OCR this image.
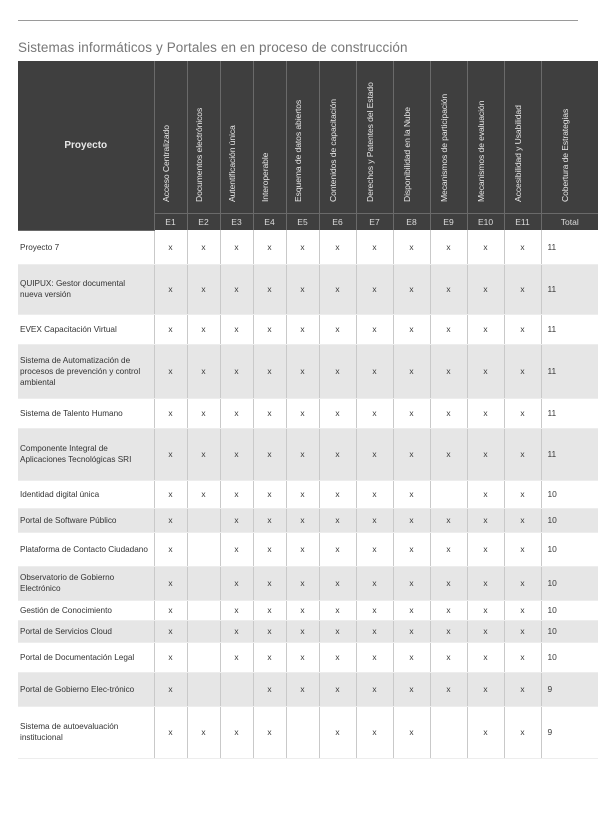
Sistemas informáticos y Portales en en proceso de construcción
Proyecto	Acceso Centralizado	Documentos electrónicos	Autentificación única	Interoperable	Esquema de datos abiertos	Contenidos de capacitación	Derechos y Patentes del Estado	Disponibilidad en la Nube	Mecanismos de participación	Mecanismos de evaluación	Accesibilidad y Usabilidad	Cobertura de Estrategias

	E1	E2	E3	E4	E5	E6	E7	E8	E9	E10	E11	Total
Proyecto 7	x	x	x	x	x	x	x	x	x	x	x	11
QUIPUX: Gestor documental nueva versión	x	x	x	x	x	x	x	x	x	x	x	11
EVEX Capacitación Virtual	x	x	x	x	x	x	x	x	x	x	x	11
Sistema de Automatización de procesos de prevención y control ambiental	x	x	x	x	x	x	x	x	x	x	x	11
Sistema de Talento Humano	x	x	x	x	x	x	x	x	x	x	x	11
Componente Integral de Aplicaciones Tecnológicas SRI	x	x	x	x	x	x	x	x	x	x	x	11
Identidad digital única	x	x	x	x	x	x	x	x		x	x	10
Portal de Software Público	x		x	x	x	x	x	x	x	x	x	10
Plataforma de Contacto Ciudadano	x		x	x	x	x	x	x	x	x	x	10
Observatorio de Gobierno Electrónico	x		x	x	x	x	x	x	x	x	x	10
Gestión de Conocimiento	x		x	x	x	x	x	x	x	x	x	10
Portal de Servicios Cloud	x		x	x	x	x	x	x	x	x	x	10
Portal de Documentación Legal	x		x	x	x	x	x	x	x	x	x	10
Portal de Gobierno Elec-trónico	x			x	x	x	x	x	x	x	x	9
Sistema de autoevaluación institucional	x	x	x	x		x	x	x		x	x	9
